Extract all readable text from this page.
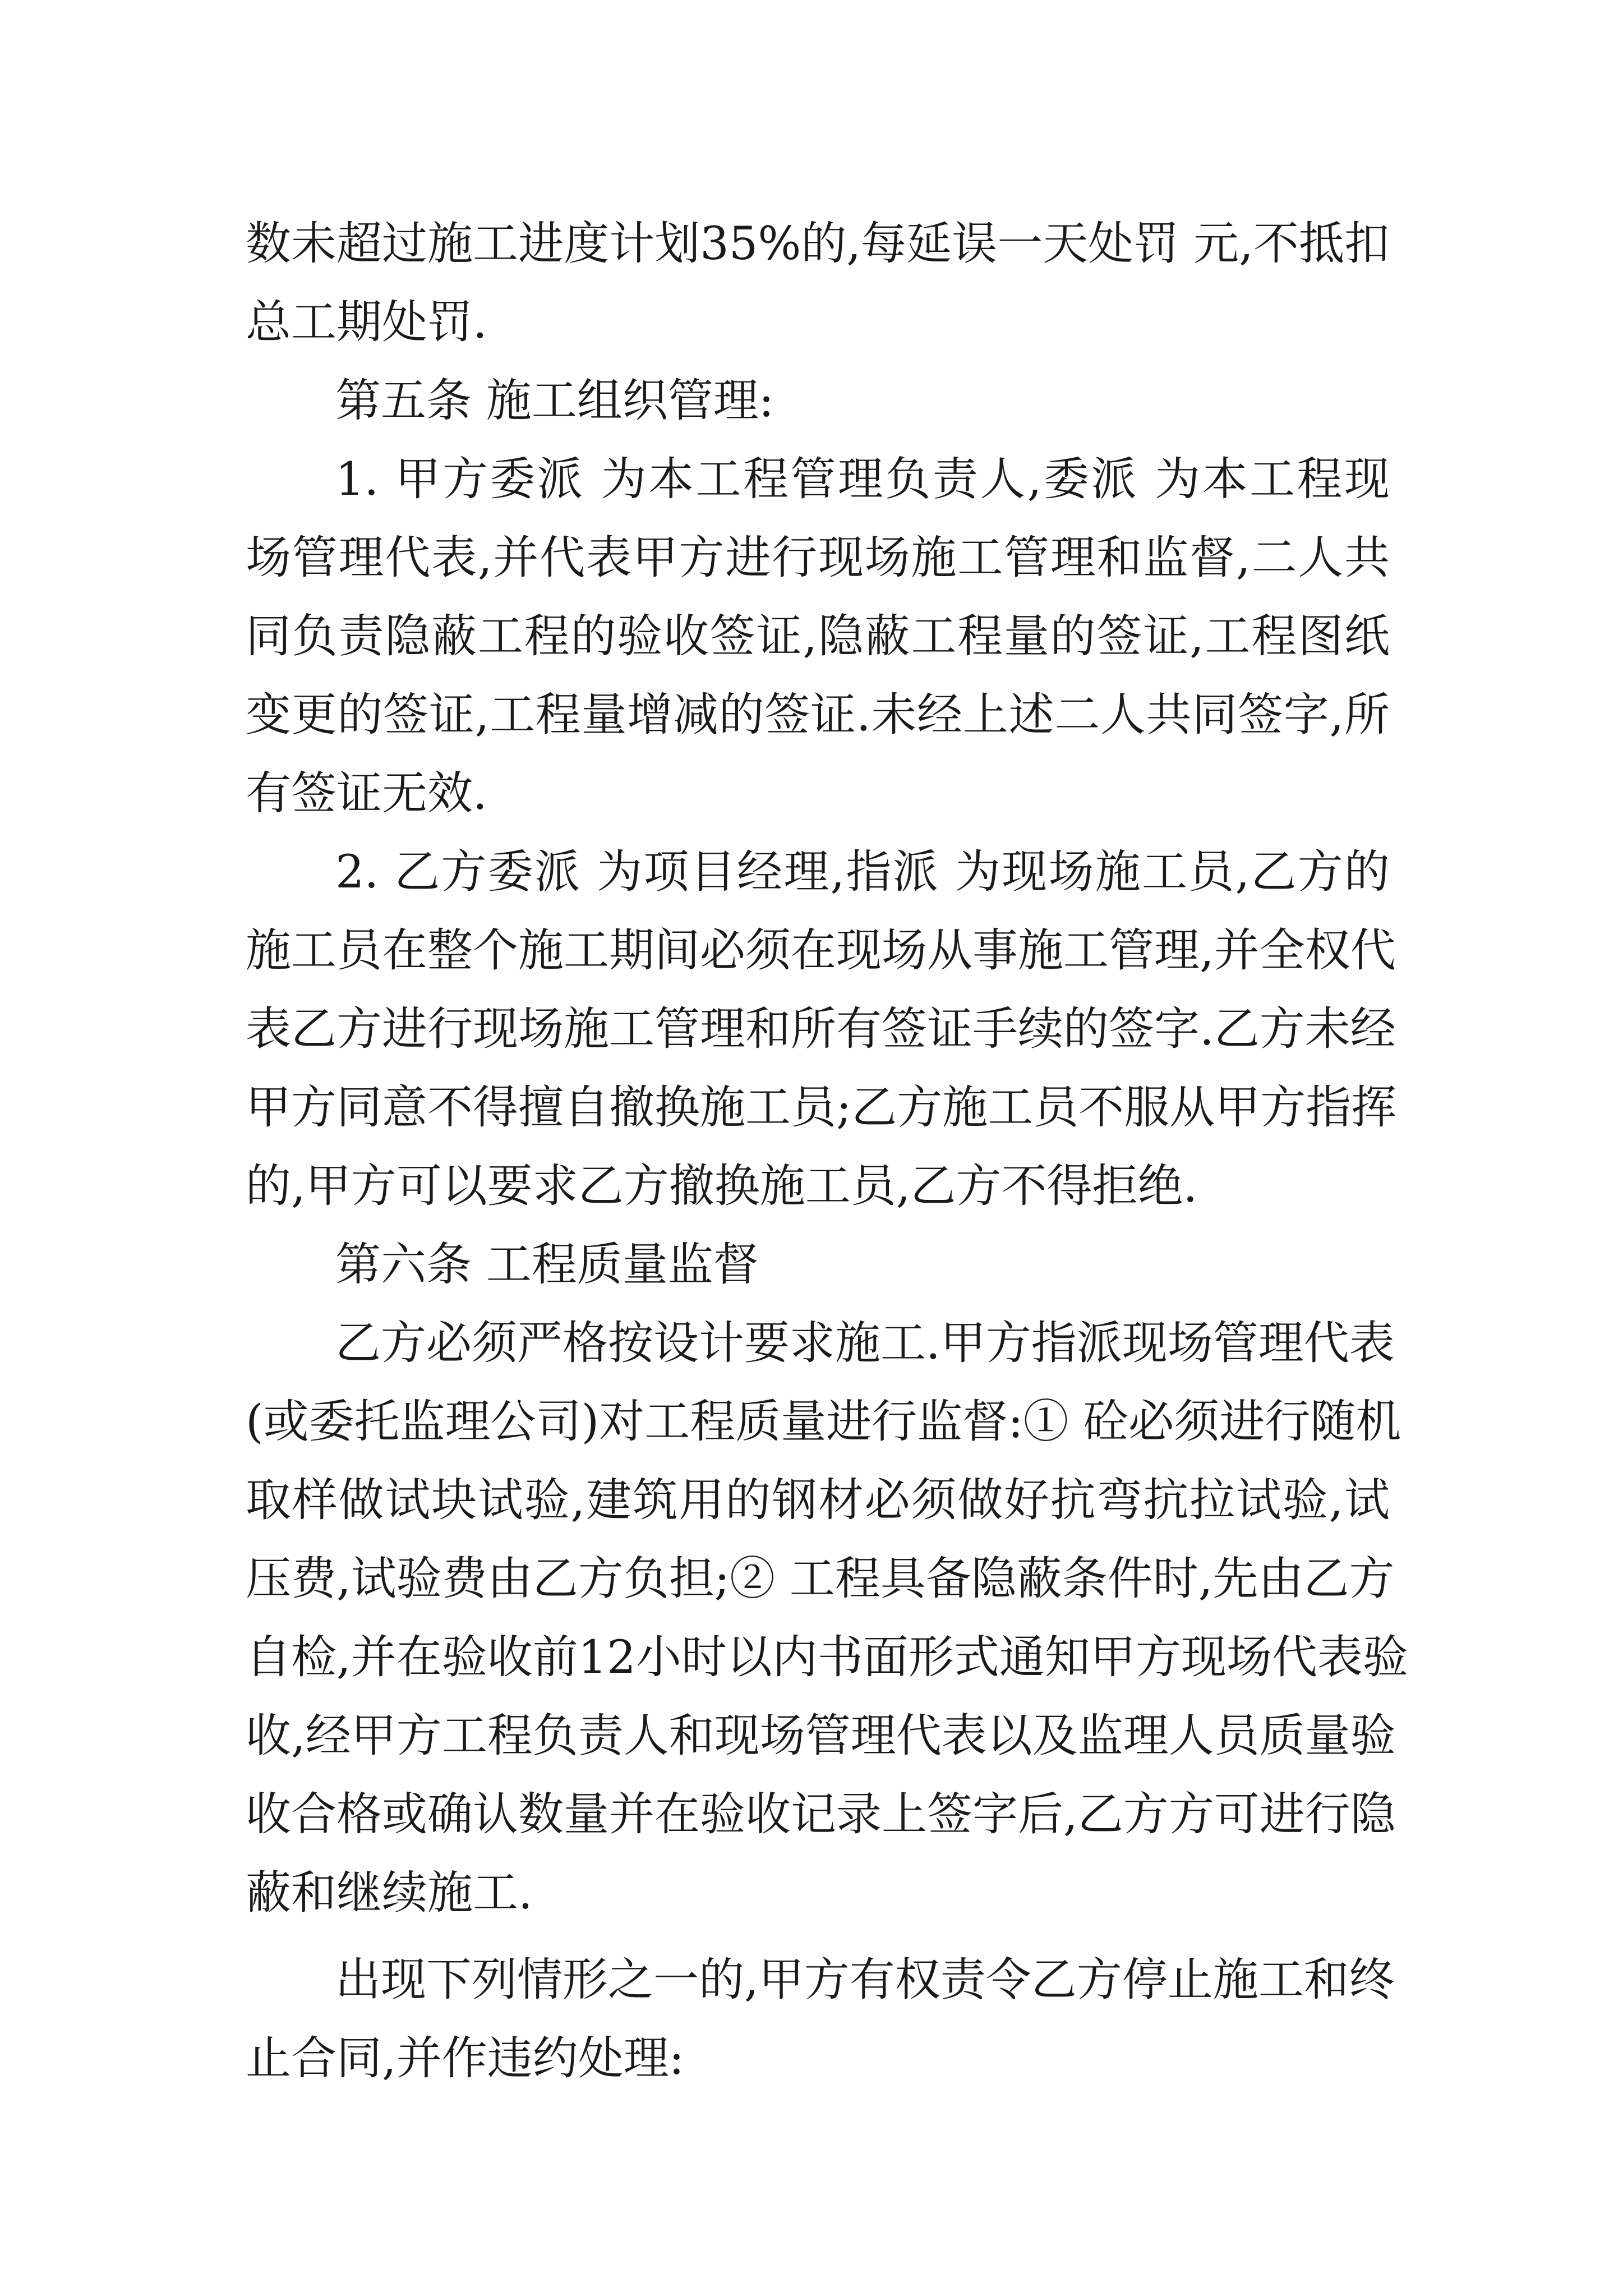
数未超过施工进度计划35%的,每延误一天处罚 元,不抵扣
总工期处罚.
第五条 施工组织管理:
1. 甲方委派 为本工程管理负责人,委派 为本工程现
场管理代表,并代表甲方进行现场施工管理和监督,二人共
同负责隐蔽工程的验收签证,隐蔽工程量的签证,工程图纸
变更的签证,工程量增减的签证.未经上述二人共同签字,所
有签证无效.
2. 乙方委派 为项目经理,指派 为现场施工员,乙方的
施工员在整个施工期间必须在现场从事施工管理,并全权代
表乙方进行现场施工管理和所有签证手续的签字.乙方未经
甲方同意不得擅自撤换施工员;乙方施工员不服从甲方指挥
的,甲方可以要求乙方撤换施工员,乙方不得拒绝.
第六条 工程质量监督
乙方必须严格按设计要求施工.甲方指派现场管理代表
(或委托监理公司)对工程质量进行监督:① 砼必须进行随机
取样做试块试验,建筑用的钢材必须做好抗弯抗拉试验,试
压费,试验费由乙方负担;② 工程具备隐蔽条件时,先由乙方
自检,并在验收前12小时以内书面形式通知甲方现场代表验
收,经甲方工程负责人和现场管理代表以及监理人员质量验
收合格或确认数量并在验收记录上签字后,乙方方可进行隐
蔽和继续施工.
出现下列情形之一的,甲方有权责令乙方停止施工和终
止合同,并作违约处理:
